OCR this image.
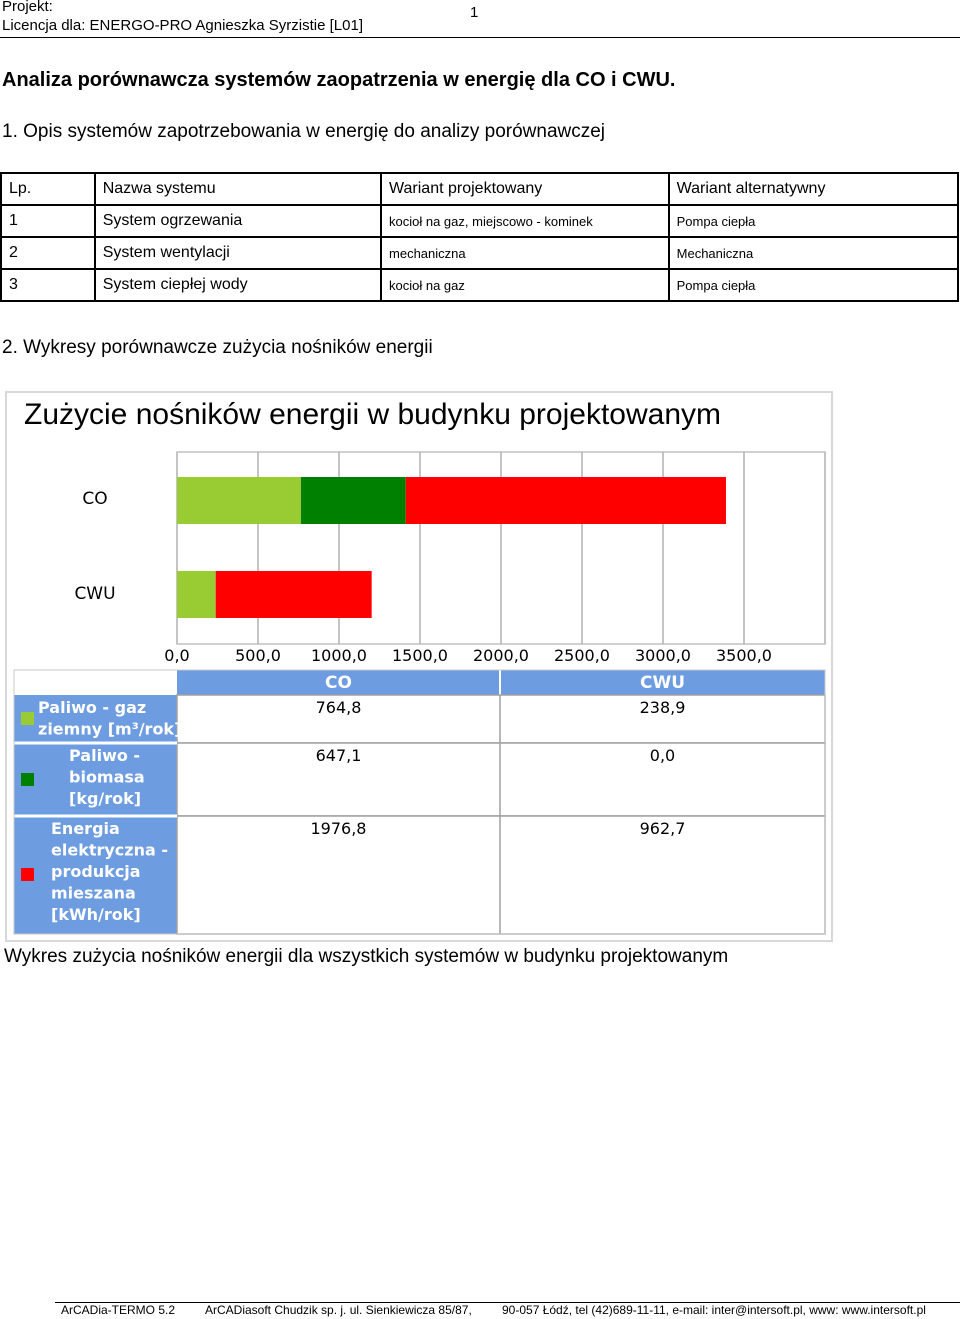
Projekt:
Licencja dla: ENERGO-PRO Agnieszka Syrzistie [L01]
1
Analiza porównawcza systemów zaopatrzenia w energię dla CO i CWU.
1. Opis systemów zapotrzebowania w energię do analizy porównawczej
Lp.	Nazwa systemu	Wariant projektowany	Wariant alternatywny
1	System ogrzewania	kocioł na gaz, miejscowo - kominek	Pompa ciepła
2	System wentylacji	mechaniczna	Mechaniczna
3	System ciepłej wody	kocioł na gaz	Pompa ciepła
2. Wykresy porównawcze zużycia nośników energii
Zużycie nośników energii w budynku projektowanym
0,0	500,0 1000,0 1500,0 2000,0 2500,0 3000,0 3500,0
CO
CWU
CO	CWU
Paliwo - gaz
ziemny [m³/rok]
764,8	238,9
Paliwo -
biomasa
[kg/rok]
647,1	0,0
Energia
elektryczna -
produkcja
mieszana
[kWh/rok]
1976,8	962,7
Wykres zużycia nośników energii dla wszystkich systemów w budynku projektowanym
ArCADia-TERMO 5.2 ArCADiasoft Chudzik sp. j. ul. Sienkiewicza 85/87,	90-057 Łódź, tel (42)689-11-11, e-mail: inter@intersoft.pl, www: www.intersoft.pl
